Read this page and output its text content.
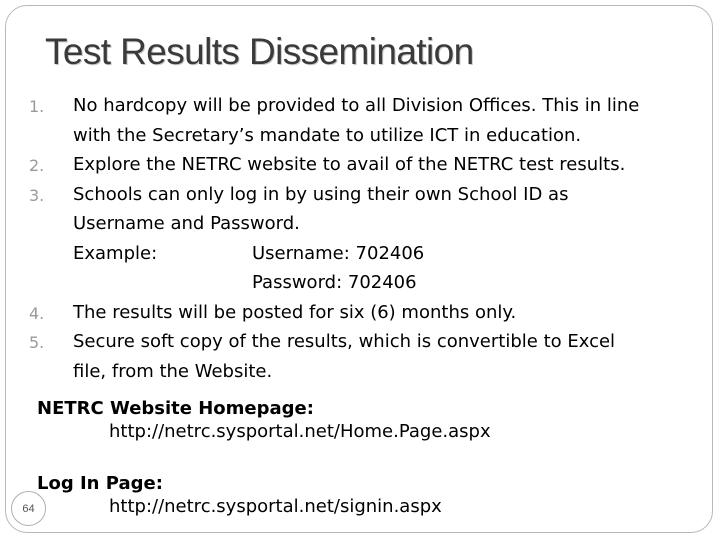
Test Results Dissemination
1. No hardcopy will be provided to all Division Offices. This in line
with the Secretary’s mandate to utilize ICT in education.
2. Explore the NETRC website to avail of the NETRC test results.
3. Schools can only log in by using their own School ID as
Username and Password.
Example:	Username: 702406
Password: 702406
4. The results will be posted for six (6) months only.
5. Secure soft copy of the results, which is convertible to Excel
file, from the Website.
NETRC Website Homepage:
http://netrc.sysportal.net/Home.Page.aspx
Log In Page:
http://netrc.sysportal.net/signin.aspx
64
